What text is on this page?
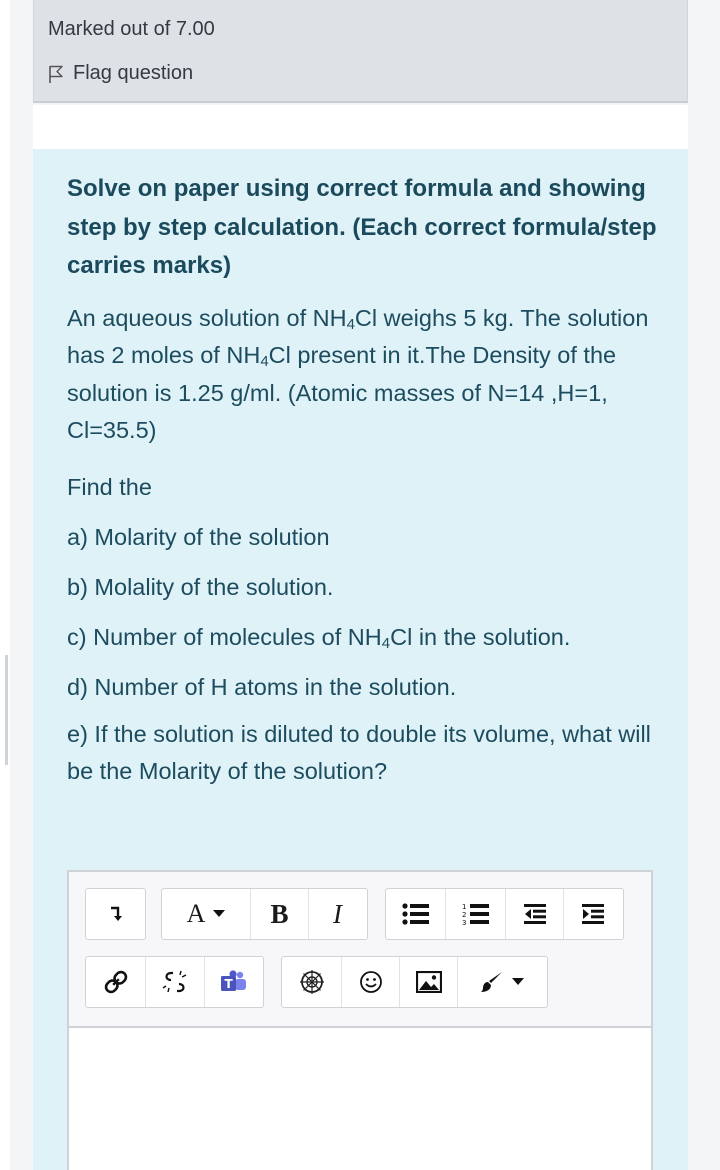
Marked out of 7.00
Flag question
Solve on paper using correct formula and showing step by step calculation. (Each correct formula/step carries marks)
An aqueous solution of $NH_4Cl$ weighs 5 kg. The solution has 2 moles of $NH_4Cl$ present in it.The Density of the solution is 1.25 g/ml. (Atomic masses of N=14 ,H=1, Cl=35.5)
Find the
a) Molarity of the solution
b) Molality of the solution.
c) Number of molecules of $NH_4Cl$ in the solution.
d) Number of H atoms in the solution.
e) If the solution is diluted to double its volume, what will be the Molarity of the solution?
A	B	I	1
2
3
T
